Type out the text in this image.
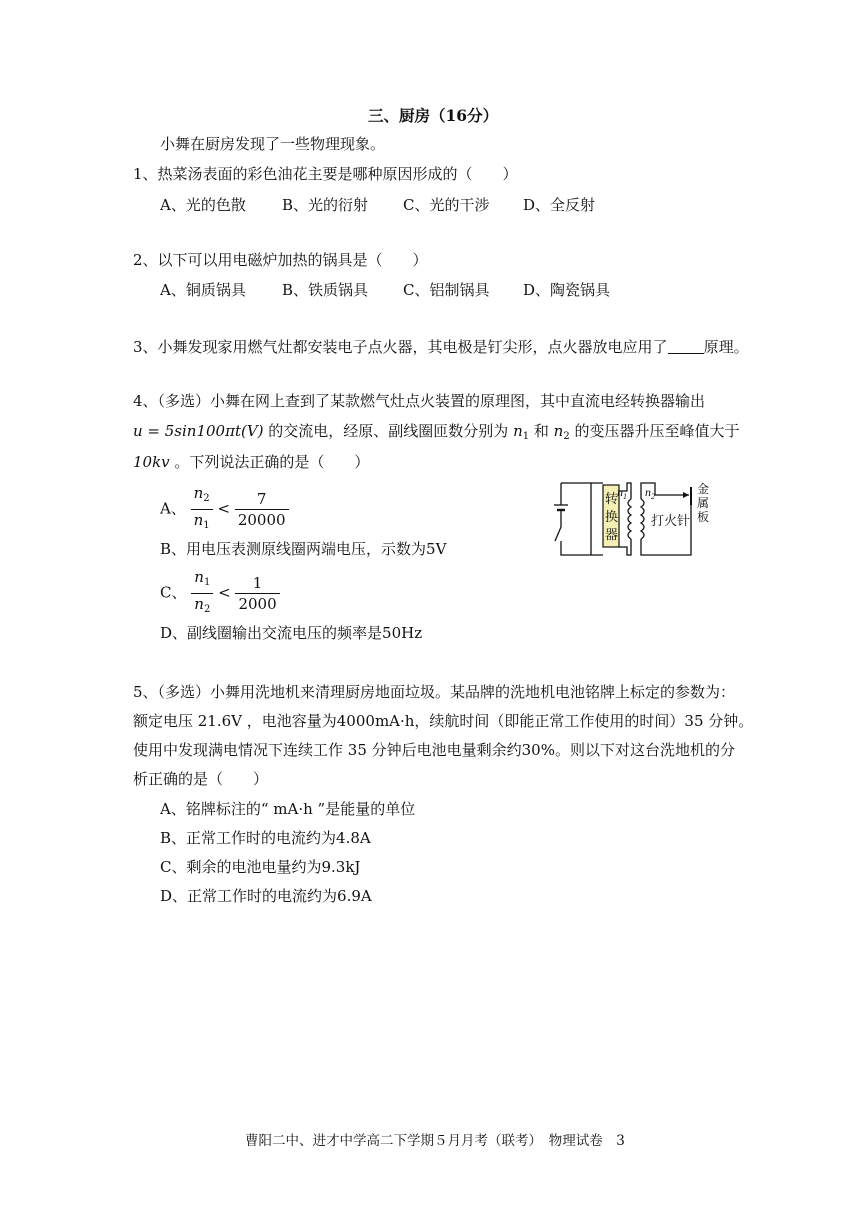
三、厨房（16分）
小舞在厨房发现了一些物理现象。
1、热菜汤表面的彩色油花主要是哪种原因形成的（　　）
A、光的色散 B、光的衍射 C、光的干涉 D、全反射
2、以下可以用电磁炉加热的锅具是（　　）
A、铜质锅具 B、铁质锅具 C、铝制锅具 D、陶瓷锅具
3、小舞发现家用燃气灶都安装电子点火器，其电极是钉尖形，点火器放电应用了 原理。
4、（多选）小舞在网上查到了某款燃气灶点火装置的原理图，其中直流电经转换器输出
u = 5sin100πt(V) 的交流电，经原、副线圈匝数分别为 $n_1$ 和 $n_2$ 的变压器升压至峰值大于
10kv 。下列说法正确的是（　　）
A、 $\frac{n_2}{n_1} < \frac{7}{20000}$
B、用电压表测原线圈两端电压，示数为5V
C、 $\frac{n_1}{n_2} < \frac{1}{2000}$
D、副线圈输出交流电压的频率是50Hz
转
换
器
$n_1$ $n_2$
打火针
金
属
板
5、（多选）小舞用洗地机来清理厨房地面垃圾。某品牌的洗地机电池铭牌上标定的参数为：
额定电压 21.6V ，电池容量为4000mA·h，续航时间（即能正常工作使用的时间）35 分钟。
使用中发现满电情况下连续工作 35 分钟后电池电量剩余约30%。则以下对这台洗地机的分
析正确的是（　　）
A、铭牌标注的“ mA·h ”是能量的单位
B、正常工作时的电流约为4.8A
C、剩余的电池电量约为9.3kJ
D、正常工作时的电流约为6.9A
曹阳二中、进才中学高二下学期５月月考（联考）　物理试卷　3
